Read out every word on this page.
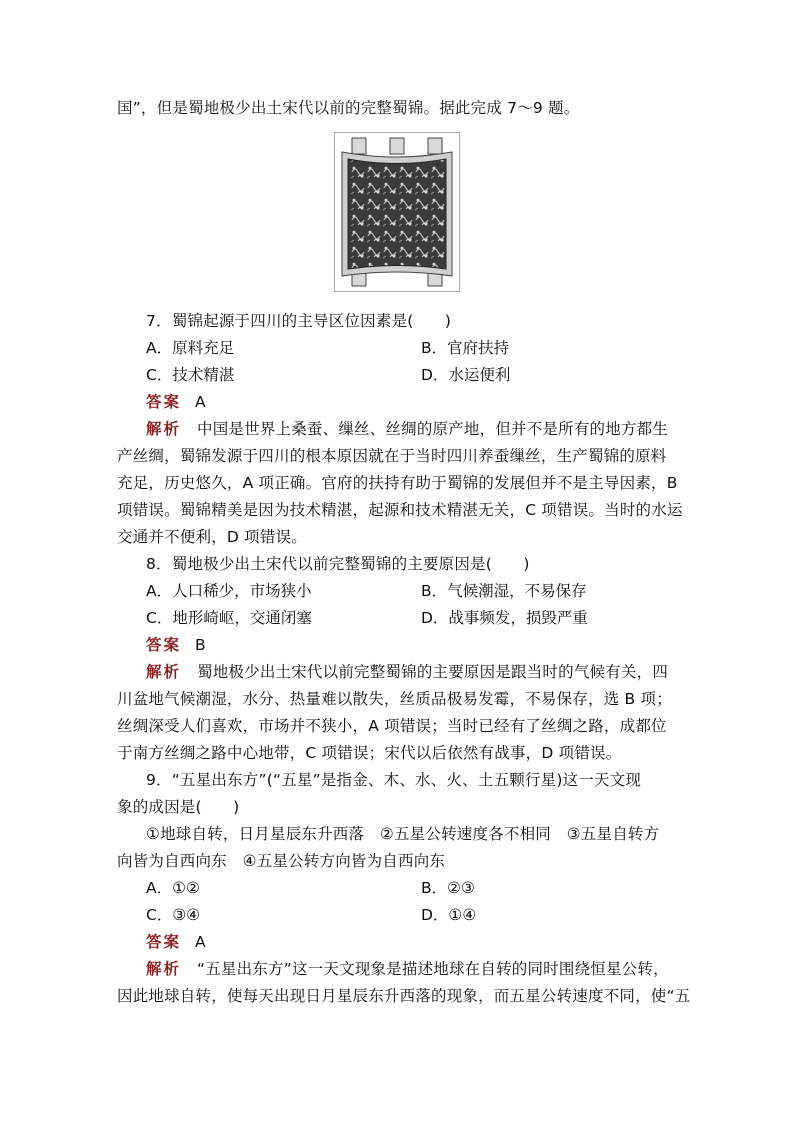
国”，但是蜀地极少出土宋代以前的完整蜀锦。据此完成 7～9 题。
7．蜀锦起源于四川的主导区位因素是(　　)
A．原料充足	B．官府扶持
C．技术精湛	D．水运便利
答案 A
解析 中国是世界上桑蚕、缫丝、丝绸的原产地，但并不是所有的地方都生
产丝绸，蜀锦发源于四川的根本原因就在于当时四川养蚕缫丝，生产蜀锦的原料
充足，历史悠久，A 项正确。官府的扶持有助于蜀锦的发展但并不是主导因素，B
项错误。蜀锦精美是因为技术精湛，起源和技术精湛无关，C 项错误。当时的水运
交通并不便利，D 项错误。
8．蜀地极少出土宋代以前完整蜀锦的主要原因是(　　)
A．人口稀少，市场狭小	B．气候潮湿，不易保存
C．地形崎岖，交通闭塞	D．战事频发，损毁严重
答案 B
解析 蜀地极少出土宋代以前完整蜀锦的主要原因是跟当时的气候有关，四
川盆地气候潮湿，水分、热量难以散失，丝质品极易发霉，不易保存，选 B 项；
丝绸深受人们喜欢，市场并不狭小，A 项错误；当时已经有了丝绸之路，成都位
于南方丝绸之路中心地带，C 项错误；宋代以后依然有战事，D 项错误。
9．“五星出东方”(“五星”是指金、木、水、火、土五颗行星)这一天文现
象的成因是(　　)
①地球自转，日月星辰东升西落　②五星公转速度各不相同　③五星自转方
向皆为自西向东　④五星公转方向皆为自西向东
A．①②	B．②③
C．③④	D．①④
答案 A
解析 “五星出东方”这一天文现象是描述地球在自转的同时围绕恒星公转，
因此地球自转，使每天出现日月星辰东升西落的现象，而五星公转速度不同，使“五
